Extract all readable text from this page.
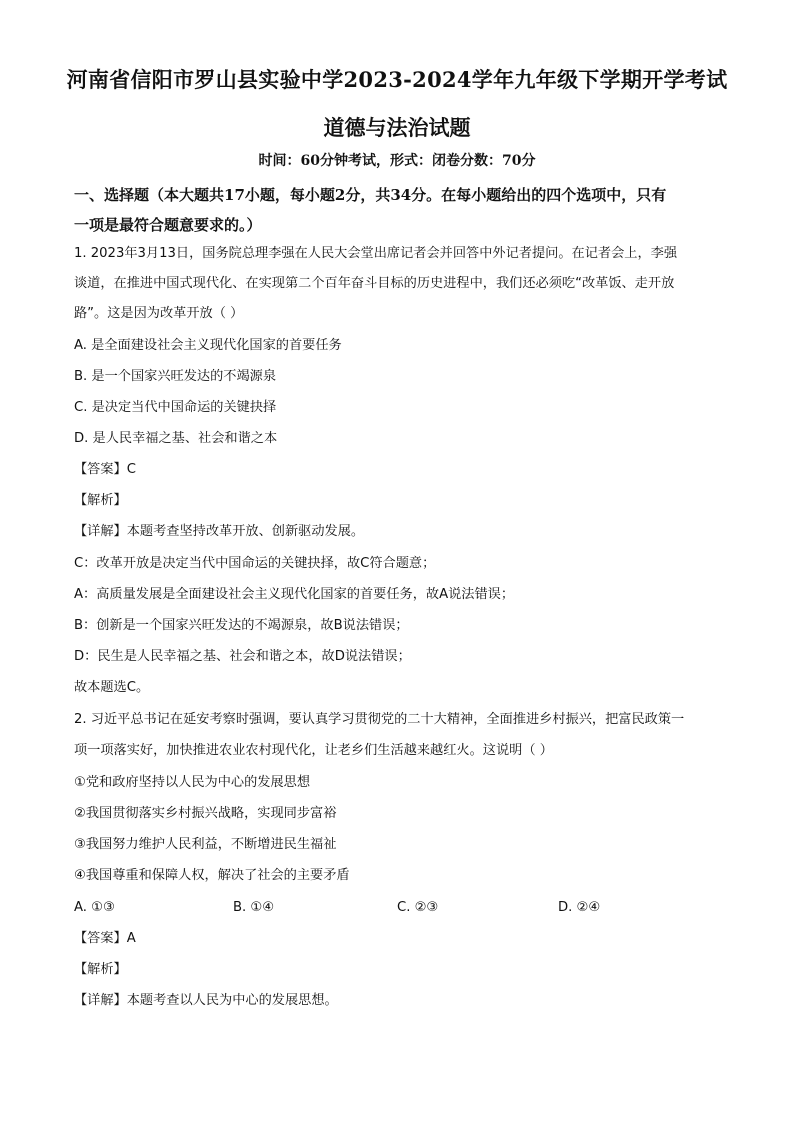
河南省信阳市罗山县实验中学2023-2024学年九年级下学期开学考试
道德与法治试题
时间：60分钟考试，形式：闭卷分数：70分
一、选择题（本大题共17小题，每小题2分，共34分。在每小题给出的四个选项中，只有
一项是最符合题意要求的。）
1. 2023年3月13日，国务院总理李强在人民大会堂出席记者会并回答中外记者提问。在记者会上，李强
谈道，在推进中国式现代化、在实现第二个百年奋斗目标的历史进程中，我们还必须吃“改革饭、走开放
路”。这是因为改革开放（ ）
A. 是全面建设社会主义现代化国家的首要任务
B. 是一个国家兴旺发达的不竭源泉
C. 是决定当代中国命运的关键抉择
D. 是人民幸福之基、社会和谐之本
【答案】C
【解析】
【详解】本题考查坚持改革开放、创新驱动发展。
C：改革开放是决定当代中国命运的关键抉择，故C符合题意；
A：高质量发展是全面建设社会主义现代化国家的首要任务，故A说法错误；
B：创新是一个国家兴旺发达的不竭源泉，故B说法错误；
D：民生是人民幸福之基、社会和谐之本，故D说法错误；
故本题选C。
2. 习近平总书记在延安考察时强调，要认真学习贯彻党的二十大精神，全面推进乡村振兴，把富民政策一
项一项落实好，加快推进农业农村现代化，让老乡们生活越来越红火。这说明（ ）
①党和政府坚持以人民为中心的发展思想
②我国贯彻落实乡村振兴战略，实现同步富裕
③我国努力维护人民利益，不断增进民生福祉
④我国尊重和保障人权，解决了社会的主要矛盾
A. ①③	B. ①④	C. ②③	D. ②④
【答案】A
【解析】
【详解】本题考查以人民为中心的发展思想。
